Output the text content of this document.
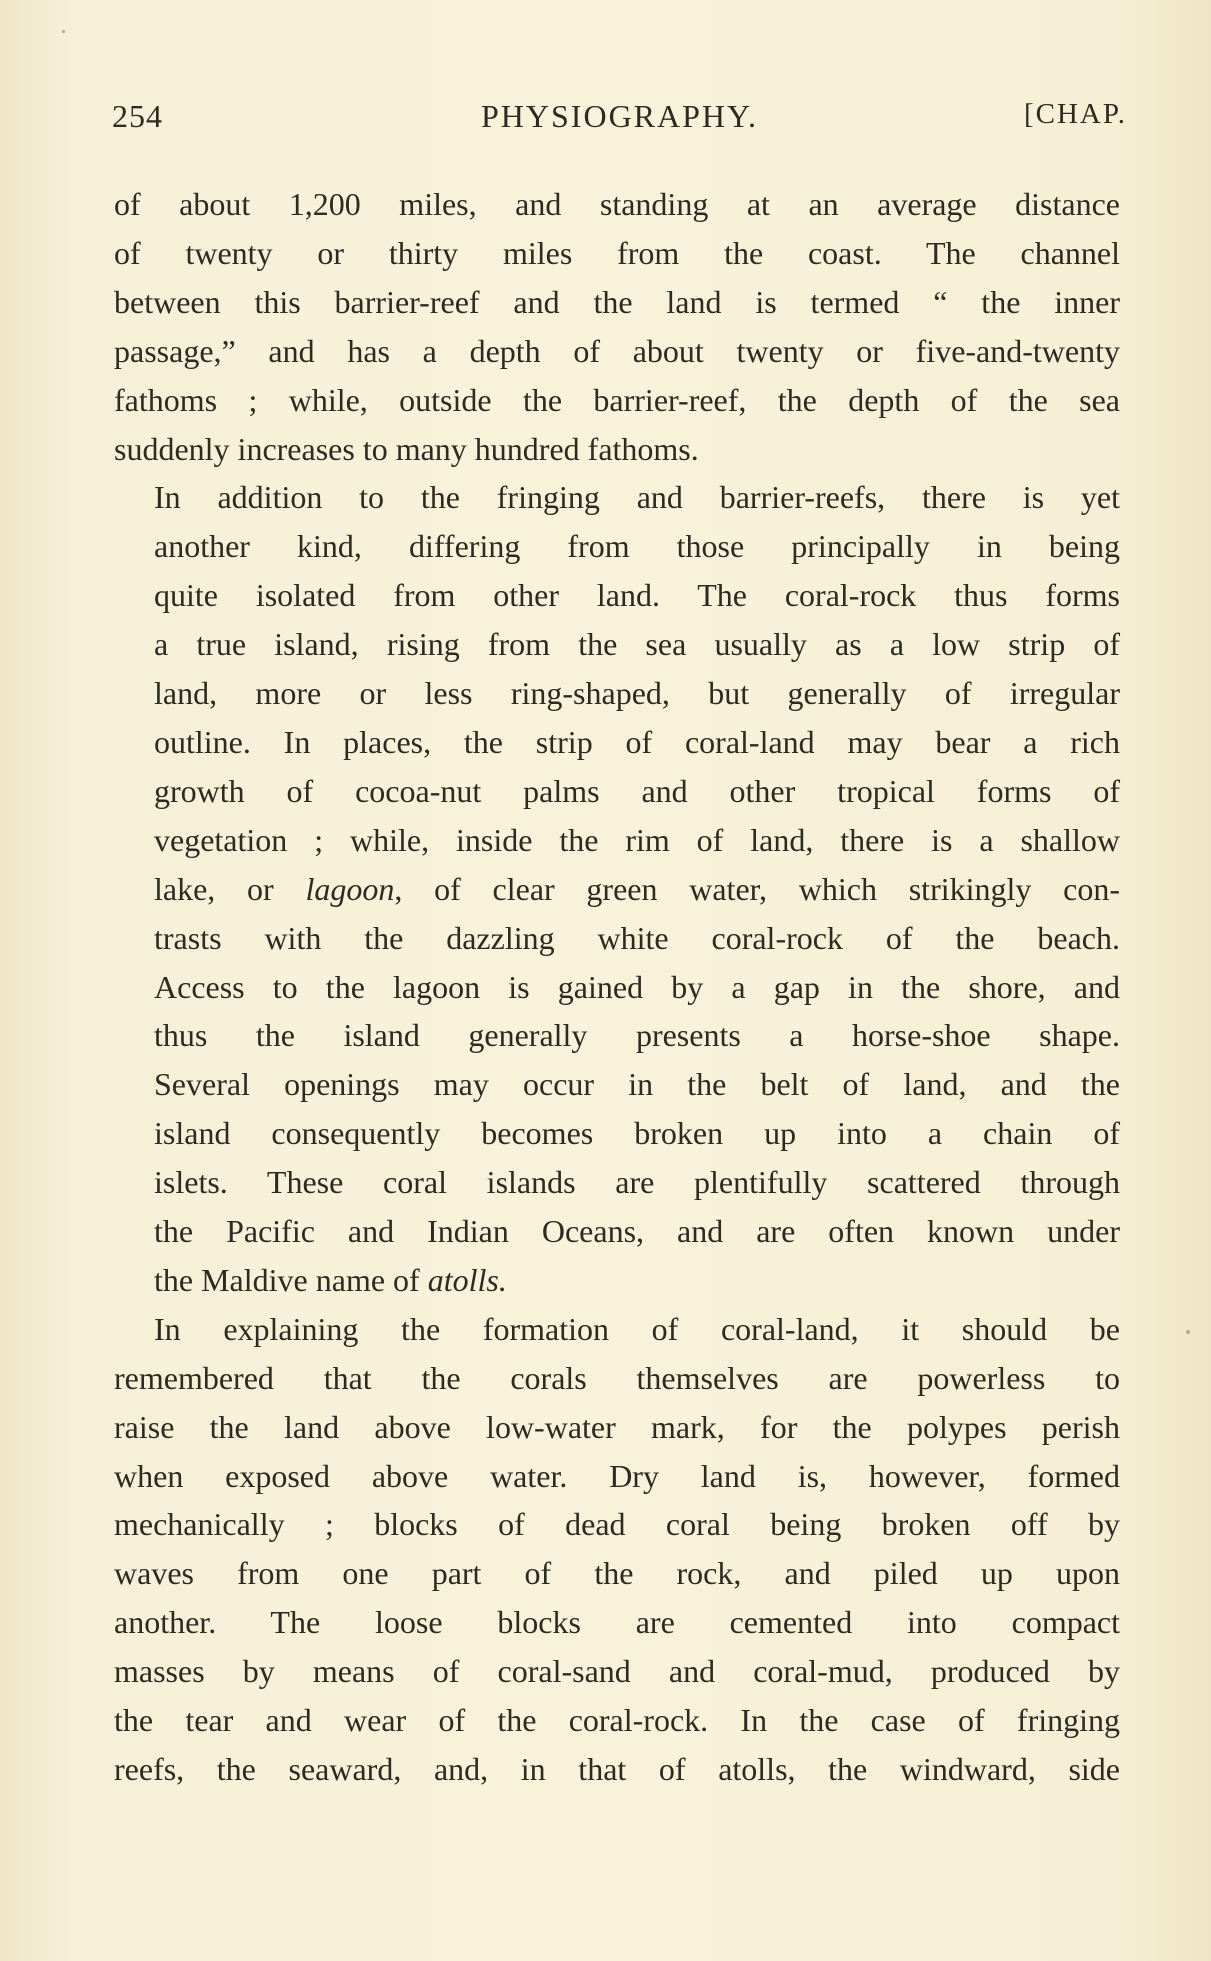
254	PHYSIOGRAPHY.	[CHAP.

of about 1,200 miles, and standing at an average distance
of twenty or thirty miles from the coast. The channel
between this barrier-reef and the land is termed “ the inner
passage,” and has a depth of about twenty or five-and-twenty
fathoms ; while, outside the barrier-reef, the depth of the sea
suddenly increases to many hundred fathoms.

In addition to the fringing and barrier-reefs, there is yet
another kind, differing from those principally in being
quite isolated from other land. The coral-rock thus forms
a true island, rising from the sea usually as a low strip of
land, more or less ring-shaped, but generally of irregular
outline. In places, the strip of coral-land may bear a rich
growth of cocoa-nut palms and other tropical forms of
vegetation ; while, inside the rim of land, there is a shallow
lake, or lagoon, of clear green water, which strikingly con-
trasts with the dazzling white coral-rock of the beach.
Access to the lagoon is gained by a gap in the shore, and
thus the island generally presents a horse-shoe shape.
Several openings may occur in the belt of land, and the
island consequently becomes broken up into a chain of
islets. These coral islands are plentifully scattered through
the Pacific and Indian Oceans, and are often known under
the Maldive name of atolls.

In explaining the formation of coral-land, it should be
remembered that the corals themselves are powerless to
raise the land above low-water mark, for the polypes perish
when exposed above water. Dry land is, however, formed
mechanically ; blocks of dead coral being broken off by
waves from one part of the rock, and piled up upon
another. The loose blocks are cemented into compact
masses by means of coral-sand and coral-mud, produced by
the tear and wear of the coral-rock. In the case of fringing
reefs, the seaward, and, in that of atolls, the windward, side
